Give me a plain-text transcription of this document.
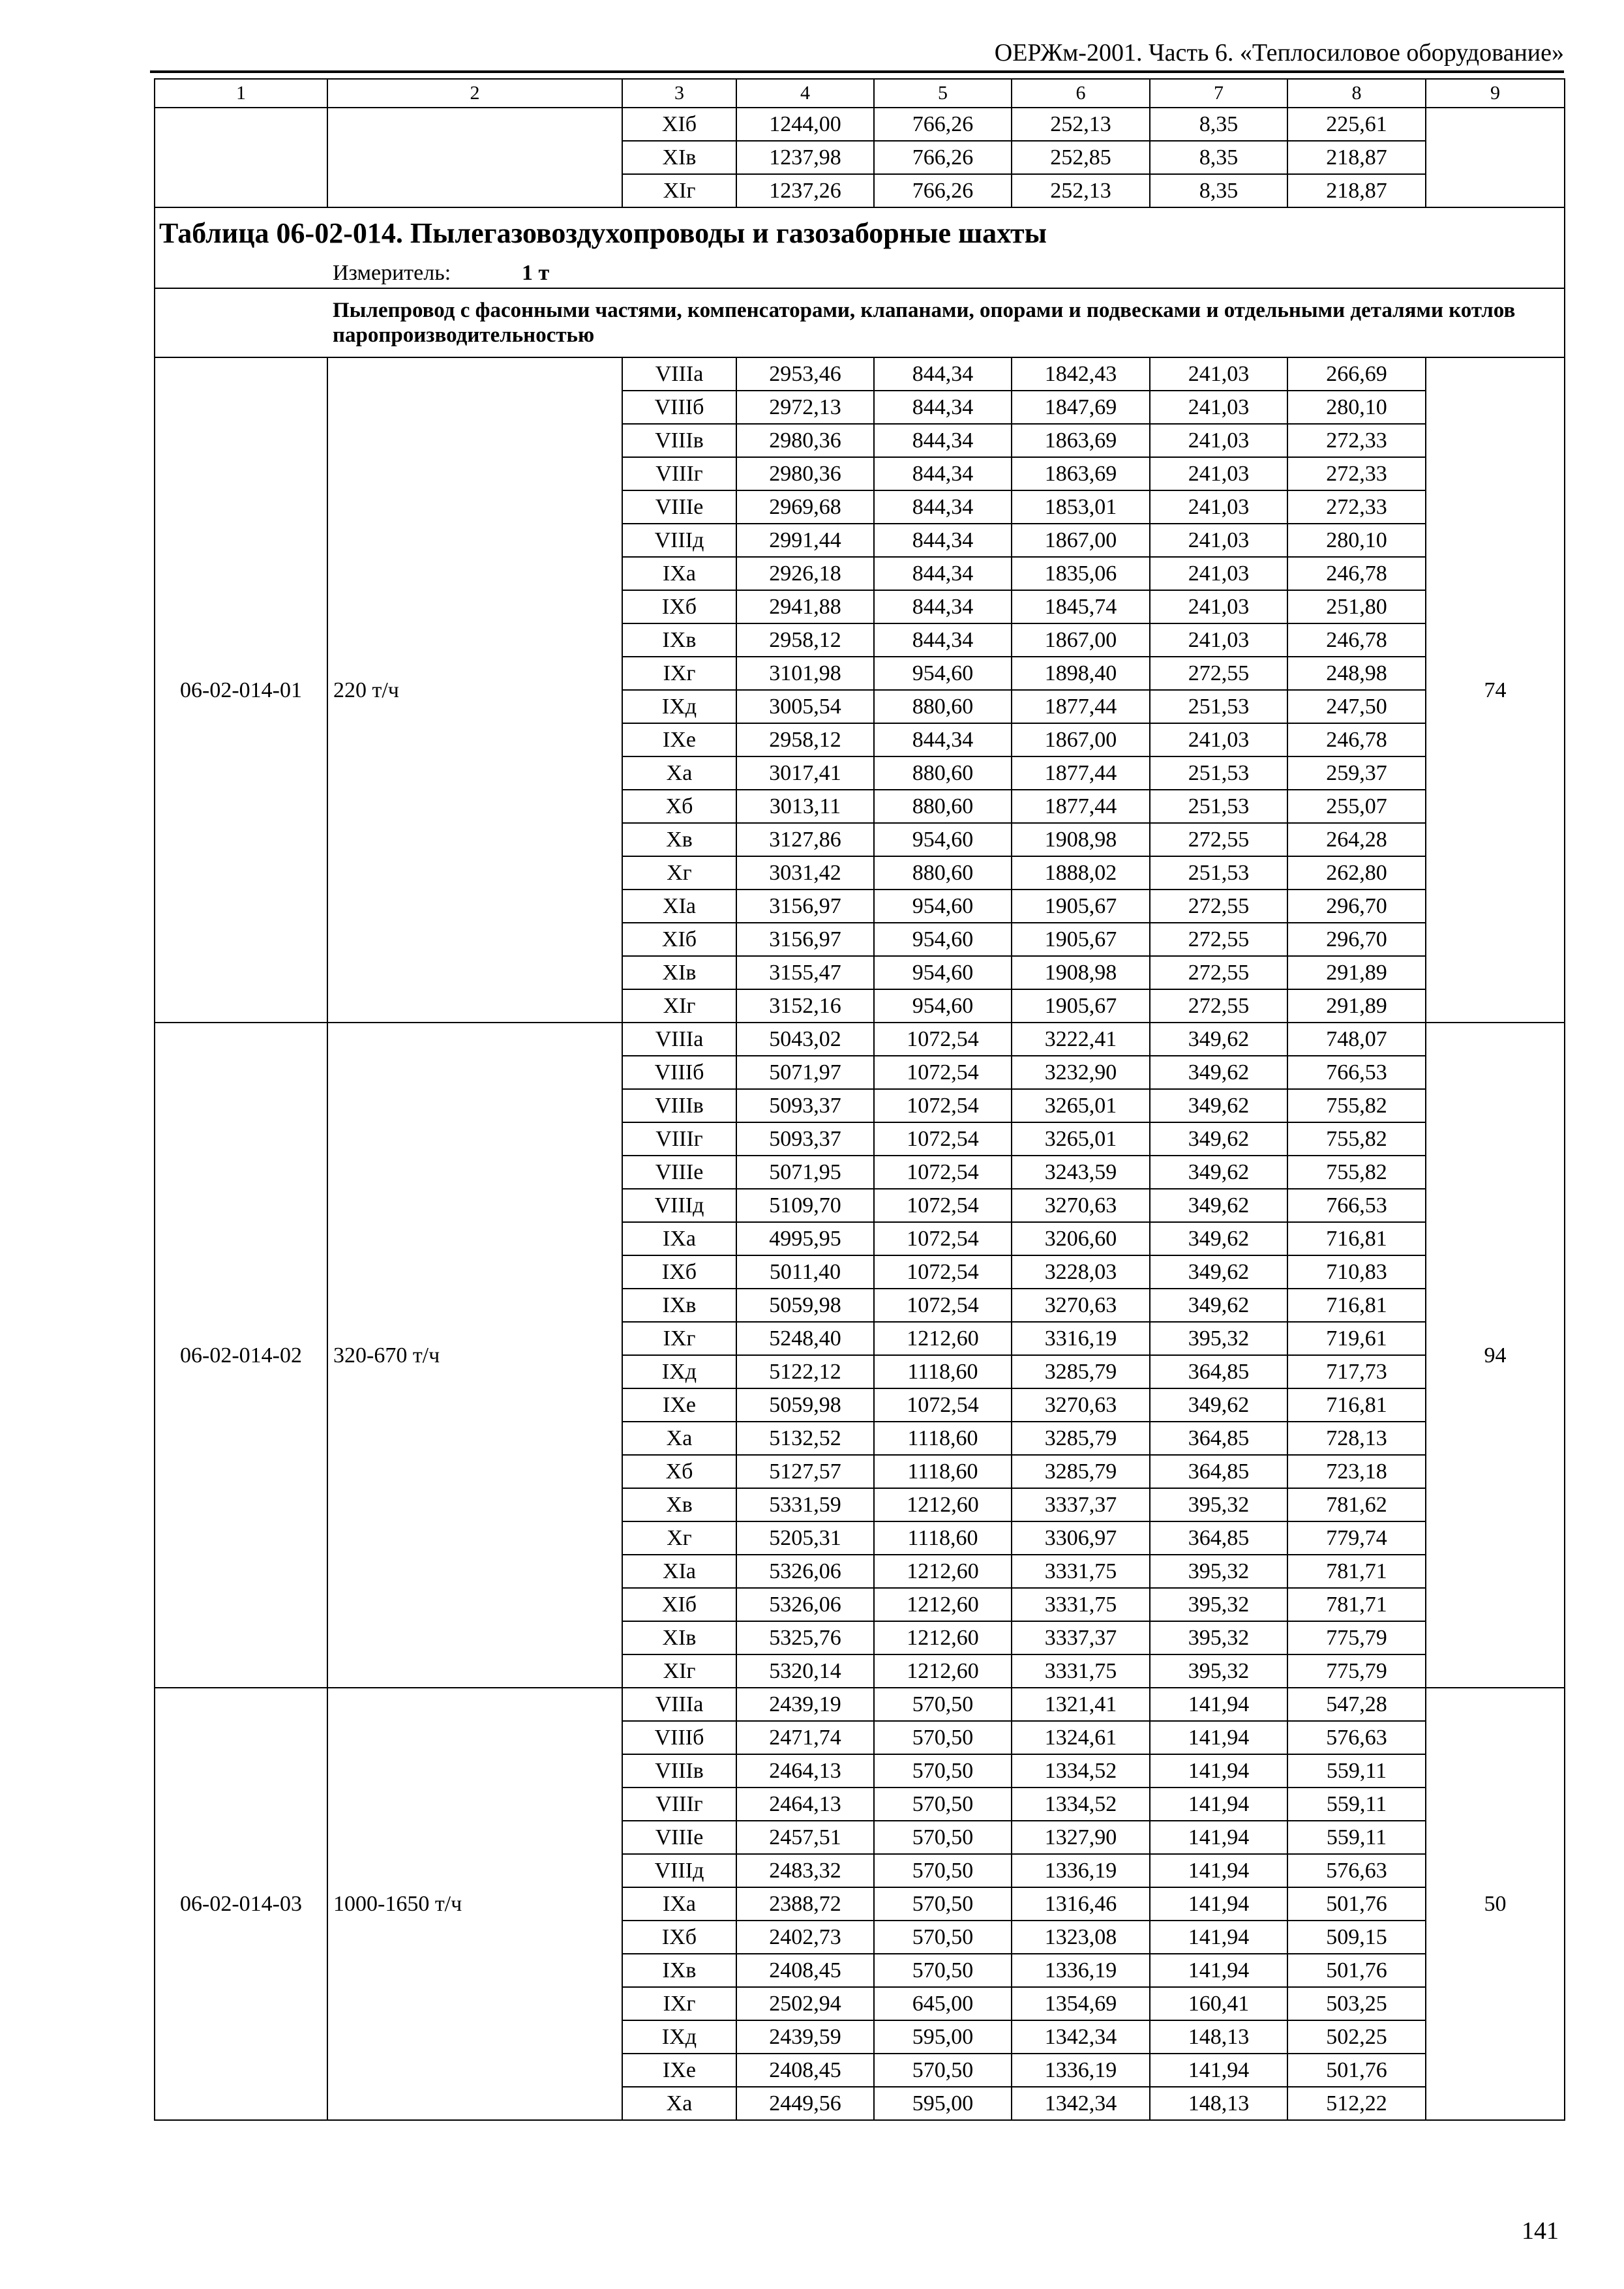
ОЕРЖм-2001. Часть 6. «Теплосиловое оборудование»
1	2	3	4	5	6	7	8	9
		XIб	1244,00	766,26	252,13	8,35	225,61	
		XIв	1237,98	766,26	252,85	8,35	218,87	
		XIг	1237,26	766,26	252,13	8,35	218,87	
Таблица 06-02-014. Пылегазовоздухопроводы и газозаборные шахты								
	Измеритель: 1 т							
	Пылепровод с фасонными частями, компенсаторами, клапанами, опорами и подвесками и отдельными деталями котлов паропроизводительностью							
06-02-014-01	220 т/ч	VIIIа	2953,46	844,34	1842,43	241,03	266,69	74
		VIIIб	2972,13	844,34	1847,69	241,03	280,10	
		VIIIв	2980,36	844,34	1863,69	241,03	272,33	
		VIIIг	2980,36	844,34	1863,69	241,03	272,33	
		VIIIе	2969,68	844,34	1853,01	241,03	272,33	
		VIIIд	2991,44	844,34	1867,00	241,03	280,10	
		IXа	2926,18	844,34	1835,06	241,03	246,78	
		IXб	2941,88	844,34	1845,74	241,03	251,80	
		IXв	2958,12	844,34	1867,00	241,03	246,78	
		IXг	3101,98	954,60	1898,40	272,55	248,98	
		IXд	3005,54	880,60	1877,44	251,53	247,50	
		IXе	2958,12	844,34	1867,00	241,03	246,78	
		Xа	3017,41	880,60	1877,44	251,53	259,37	
		Xб	3013,11	880,60	1877,44	251,53	255,07	
		Xв	3127,86	954,60	1908,98	272,55	264,28	
		Xг	3031,42	880,60	1888,02	251,53	262,80	
		XIа	3156,97	954,60	1905,67	272,55	296,70	
		XIб	3156,97	954,60	1905,67	272,55	296,70	
		XIв	3155,47	954,60	1908,98	272,55	291,89	
		XIг	3152,16	954,60	1905,67	272,55	291,89	
06-02-014-02	320-670 т/ч	VIIIа	5043,02	1072,54	3222,41	349,62	748,07	94
		VIIIб	5071,97	1072,54	3232,90	349,62	766,53	
		VIIIв	5093,37	1072,54	3265,01	349,62	755,82	
		VIIIг	5093,37	1072,54	3265,01	349,62	755,82	
		VIIIе	5071,95	1072,54	3243,59	349,62	755,82	
		VIIIд	5109,70	1072,54	3270,63	349,62	766,53	
		IXа	4995,95	1072,54	3206,60	349,62	716,81	
		IXб	5011,40	1072,54	3228,03	349,62	710,83	
		IXв	5059,98	1072,54	3270,63	349,62	716,81	
		IXг	5248,40	1212,60	3316,19	395,32	719,61	
		IXд	5122,12	1118,60	3285,79	364,85	717,73	
		IXе	5059,98	1072,54	3270,63	349,62	716,81	
		Xа	5132,52	1118,60	3285,79	364,85	728,13	
		Xб	5127,57	1118,60	3285,79	364,85	723,18	
		Xв	5331,59	1212,60	3337,37	395,32	781,62	
		Xг	5205,31	1118,60	3306,97	364,85	779,74	
		XIа	5326,06	1212,60	3331,75	395,32	781,71	
		XIб	5326,06	1212,60	3331,75	395,32	781,71	
		XIв	5325,76	1212,60	3337,37	395,32	775,79	
		XIг	5320,14	1212,60	3331,75	395,32	775,79	
06-02-014-03	1000-1650 т/ч	VIIIа	2439,19	570,50	1321,41	141,94	547,28	50
		VIIIб	2471,74	570,50	1324,61	141,94	576,63	
		VIIIв	2464,13	570,50	1334,52	141,94	559,11	
		VIIIг	2464,13	570,50	1334,52	141,94	559,11	
		VIIIе	2457,51	570,50	1327,90	141,94	559,11	
		VIIIд	2483,32	570,50	1336,19	141,94	576,63	
		IXа	2388,72	570,50	1316,46	141,94	501,76	
		IXб	2402,73	570,50	1323,08	141,94	509,15	
		IXв	2408,45	570,50	1336,19	141,94	501,76	
		IXг	2502,94	645,00	1354,69	160,41	503,25	
		IXд	2439,59	595,00	1342,34	148,13	502,25	
		IXе	2408,45	570,50	1336,19	141,94	501,76	
		Xа	2449,56	595,00	1342,34	148,13	512,22	
141
